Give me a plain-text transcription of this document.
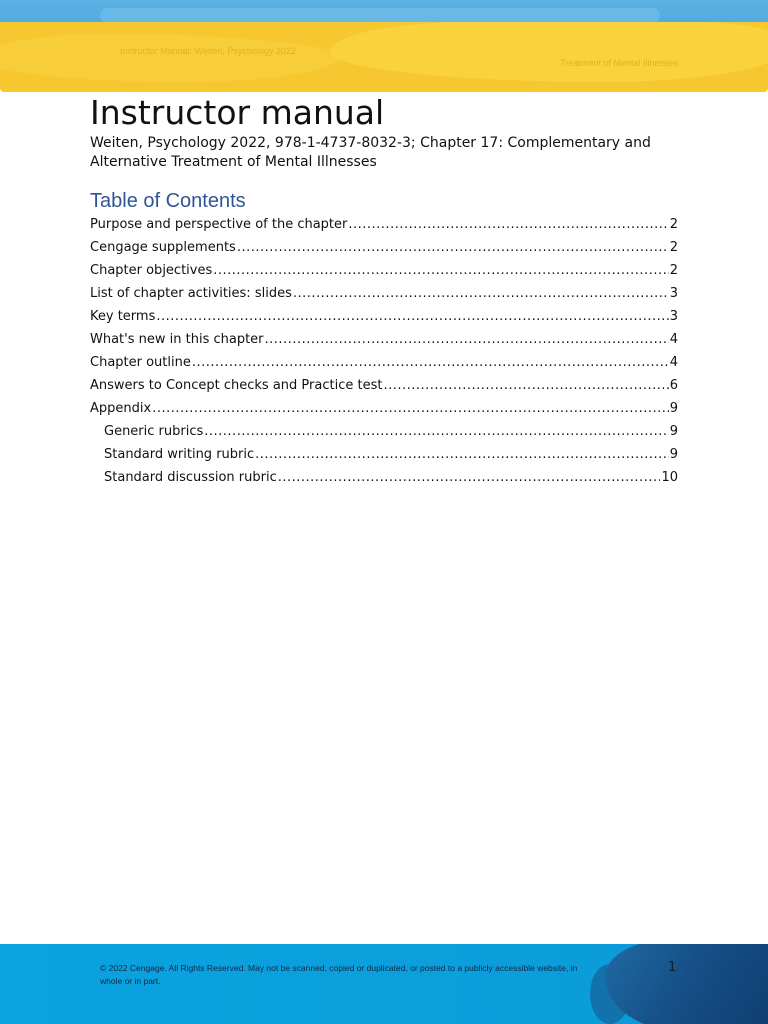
Instructor Manual: Weiten, Psychology 2022
Treatment of Mental Illnesses
Instructor manual

Weiten, Psychology 2022, 978-1-4737-8032-3; Chapter 17: Complementary and Alternative Treatment of Mental Illnesses

Table of Contents
Purpose and perspective of the chapter .....	2
Cengage supplements .....	2
Chapter objectives .....	2
List of chapter activities: slides .....	3
Key terms .....	3
What's new in this chapter .....	4
Chapter outline .....	4
Answers to Concept checks and Practice test .....	6
Appendix .....	9
Generic rubrics .....	9
Standard writing rubric .....	9
Standard discussion rubric .....	10

© 2022 Cengage. All Rights Reserved. May not be scanned, copied or duplicated, or posted to a publicly accessible website, in whole or in part.

1
